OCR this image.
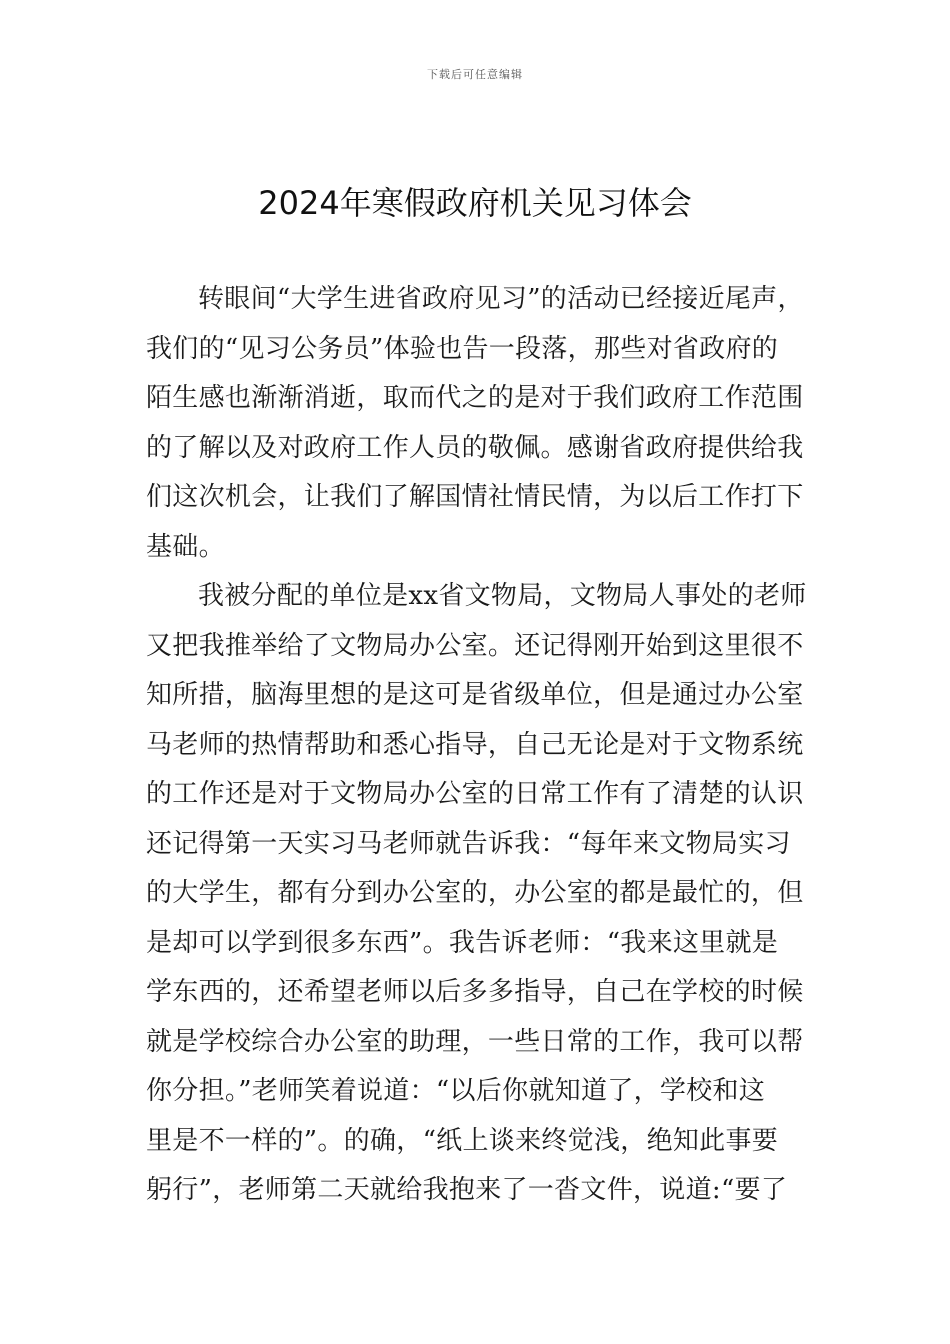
下载后可任意编辑
2024年寒假政府机关见习体会
转眼间“大学生进省政府见习”的活动已经接近尾声，
我们的“见习公务员”体验也告一段落，那些对省政府的
陌生感也渐渐消逝，取而代之的是对于我们政府工作范围
的了解以及对政府工作人员的敬佩。感谢省政府提供给我
们这次机会，让我们了解国情社情民情，为以后工作打下
基础。
我被分配的单位是xx省文物局，文物局人事处的老师
又把我推举给了文物局办公室。还记得刚开始到这里很不
知所措，脑海里想的是这可是省级单位，但是通过办公室
马老师的热情帮助和悉心指导，自己无论是对于文物系统
的工作还是对于文物局办公室的日常工作有了清楚的认识
还记得第一天实习马老师就告诉我：“每年来文物局实习
的大学生，都有分到办公室的，办公室的都是最忙的，但
是却可以学到很多东西”。我告诉老师：“我来这里就是
学东西的，还希望老师以后多多指导，自己在学校的时候
就是学校综合办公室的助理，一些日常的工作，我可以帮
你分担。”老师笑着说道：“以后你就知道了，学校和这
里是不一样的”。的确，“纸上谈来终觉浅，绝知此事要
躬行”，老师第二天就给我抱来了一沓文件，说道:“要了
